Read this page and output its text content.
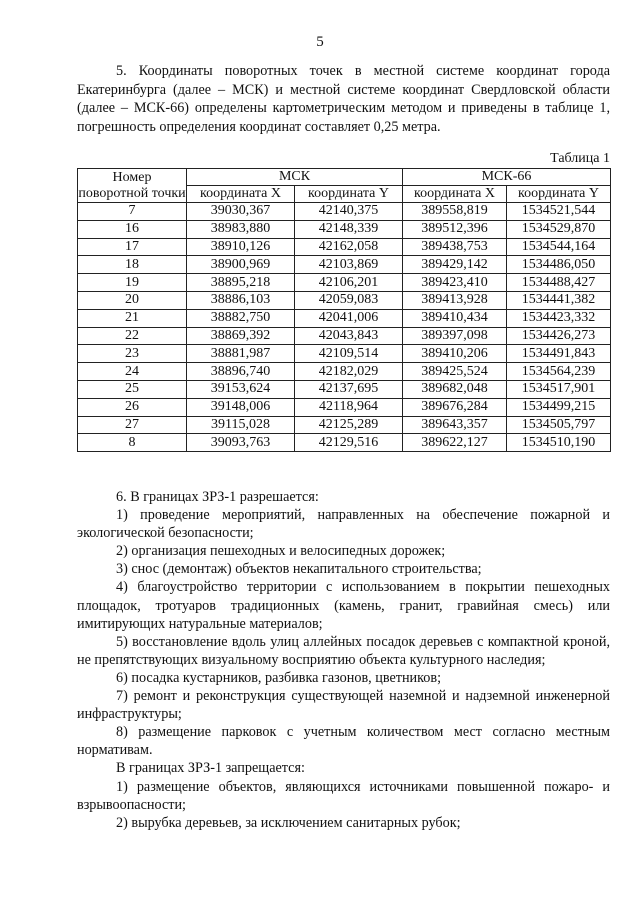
5

5. Координаты поворотных точек в местной системе координат города Екатеринбурга (далее – МСК) и местной системе координат Свердловской области (далее – МСК-66) определены картометрическим методом и приведены в таблице 1, погрешность определения координат составляет 0,25 метра.

Таблица 1
Номер поворотной точки	МСК		МСК-66	
	координата X	координата Y	координата X	координата Y
7	39030,367	42140,375	389558,819	1534521,544
16	38983,880	42148,339	389512,396	1534529,870
17	38910,126	42162,058	389438,753	1534544,164
18	38900,969	42103,869	389429,142	1534486,050
19	38895,218	42106,201	389423,410	1534488,427
20	38886,103	42059,083	389413,928	1534441,382
21	38882,750	42041,006	389410,434	1534423,332
22	38869,392	42043,843	389397,098	1534426,273
23	38881,987	42109,514	389410,206	1534491,843
24	38896,740	42182,029	389425,524	1534564,239
25	39153,624	42137,695	389682,048	1534517,901
26	39148,006	42118,964	389676,284	1534499,215
27	39115,028	42125,289	389643,357	1534505,797
8	39093,763	42129,516	389622,127	1534510,190

6. В границах ЗРЗ-1 разрешается:

1) проведение мероприятий, направленных на обеспечение пожарной и экологической безопасности;

2) организация пешеходных и велосипедных дорожек;

3) снос (демонтаж) объектов некапитального строительства;

4) благоустройство территории с использованием в покрытии пешеходных площадок, тротуаров традиционных (камень, гранит, гравийная смесь) или имитирующих натуральные материалов;

5) восстановление вдоль улиц аллейных посадок деревьев с компактной кроной, не препятствующих визуальному восприятию объекта культурного наследия;

6) посадка кустарников, разбивка газонов, цветников;

7) ремонт и реконструкция существующей наземной и надземной инженерной инфраструктуры;

8) размещение парковок с учетным количеством мест согласно местным нормативам.

В границах ЗРЗ-1 запрещается:

1) размещение объектов, являющихся источниками повышенной пожаро- и взрывоопасности;

2) вырубка деревьев, за исключением санитарных рубок;
